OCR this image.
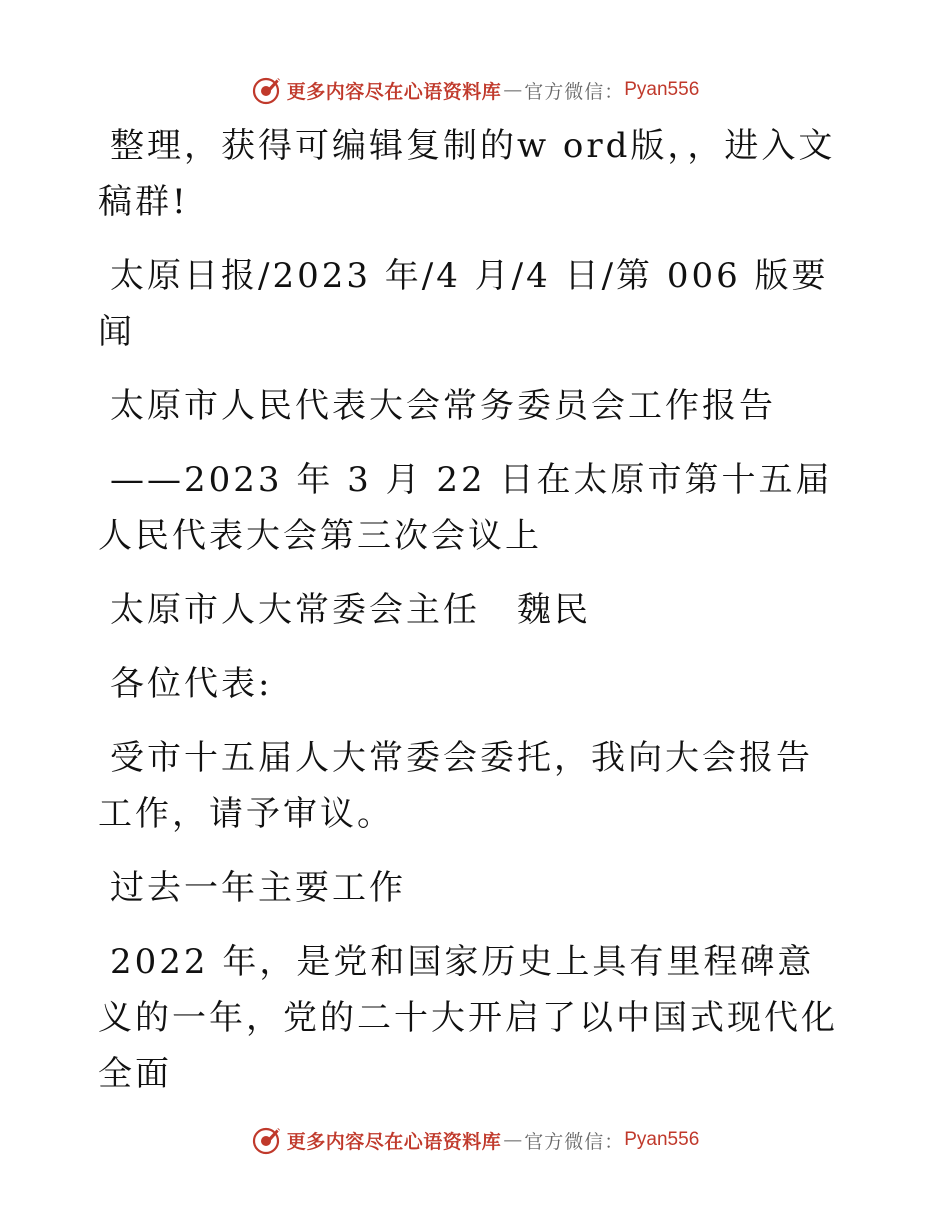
更多内容尽在心语资料库 — 官方微信： Pyan556

整理，获得可编辑复制的w ord版，，进入文稿群!

太原日报/2023 年/4 月/4 日/第 006 版要闻

太原市人民代表大会常务委员会工作报告

——2023 年 3 月 22 日在太原市第十五届人民代表大会第三次会议上

太原市人大常委会主任　魏民

各位代表:

受市十五届人大常委会委托，我向大会报告工作，请予审议。

过去一年主要工作

2022 年，是党和国家历史上具有里程碑意义的一年，党的二十大开启了以中国式现代化全面

更多内容尽在心语资料库 — 官方微信： Pyan556
